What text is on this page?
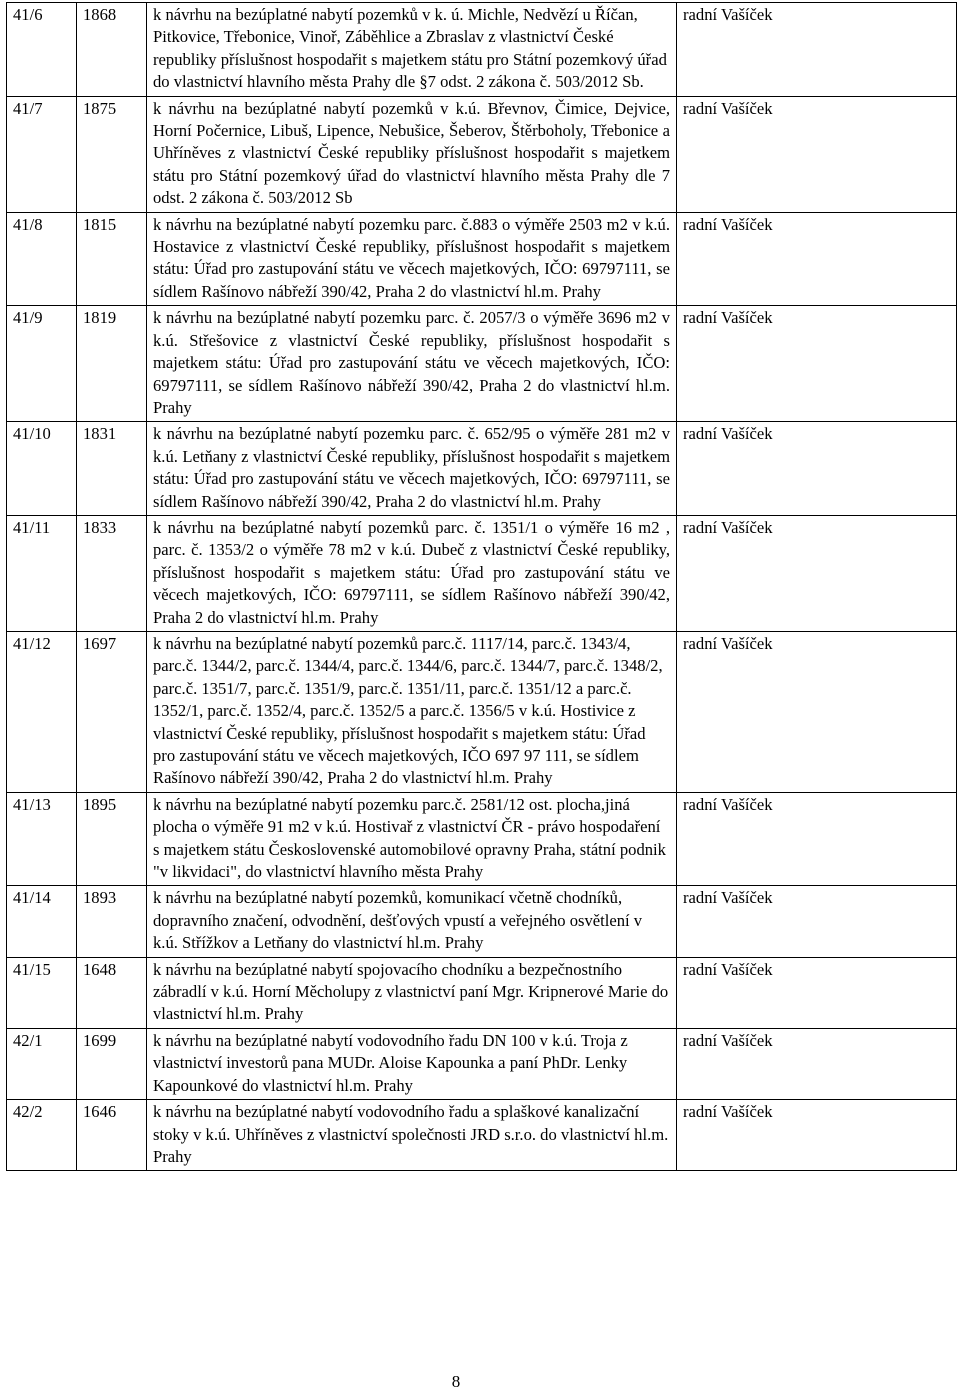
41/6	1868	k návrhu na bezúplatné nabytí pozemků v k. ú. Michle, Nedvězí u Říčan, Pitkovice, Třebonice, Vinoř, Záběhlice a Zbraslav z vlastnictví České republiky příslušnost hospodařit s majetkem státu pro Státní pozemkový úřad do vlastnictví hlavního města Prahy dle §7 odst. 2 zákona č. 503/2012 Sb.	radní Vašíček
41/7	1875	k návrhu na bezúplatné nabytí pozemků v k.ú. Břevnov, Čimice, Dejvice, Horní Počernice, Libuš, Lipence, Nebušice, Šeberov, Štěrboholy, Třebonice a Uhříněves z vlastnictví České republiky příslušnost hospodařit s majetkem státu pro Státní pozemkový úřad do vlastnictví hlavního města Prahy dle 7 odst. 2 zákona č. 503/2012 Sb	radní Vašíček
41/8	1815	k návrhu na bezúplatné nabytí pozemku parc. č.883 o výměře 2503 m2 v k.ú. Hostavice z vlastnictví České republiky, příslušnost hospodařit s majetkem státu: Úřad pro zastupování státu ve věcech majetkových, IČO: 69797111, se sídlem Rašínovo nábřeží 390/42, Praha 2 do vlastnictví hl.m. Prahy	radní Vašíček
41/9	1819	k návrhu na bezúplatné nabytí pozemku parc. č. 2057/3 o výměře 3696 m2 v k.ú. Střešovice z vlastnictví České republiky, příslušnost hospodařit s majetkem státu: Úřad pro zastupování státu ve věcech majetkových, IČO: 69797111, se sídlem Rašínovo nábřeží 390/42, Praha 2 do vlastnictví hl.m. Prahy	radní Vašíček
41/10	1831	k návrhu na bezúplatné nabytí pozemku parc. č. 652/95 o výměře 281 m2 v k.ú. Letňany z vlastnictví České republiky, příslušnost hospodařit s majetkem státu: Úřad pro zastupování státu ve věcech majetkových, IČO: 69797111, se sídlem Rašínovo nábřeží 390/42, Praha 2 do vlastnictví hl.m. Prahy	radní Vašíček
41/11	1833	k návrhu na bezúplatné nabytí pozemků parc. č. 1351/1 o výměře 16 m2 , parc. č. 1353/2 o výměře 78 m2 v k.ú. Dubeč z vlastnictví České republiky, příslušnost hospodařit s majetkem státu: Úřad pro zastupování státu ve věcech majetkových, IČO: 69797111, se sídlem Rašínovo nábřeží 390/42, Praha 2 do vlastnictví hl.m. Prahy	radní Vašíček
41/12	1697	k návrhu na bezúplatné nabytí pozemků parc.č. 1117/14, parc.č. 1343/4, parc.č. 1344/2, parc.č. 1344/4, parc.č. 1344/6, parc.č. 1344/7, parc.č. 1348/2, parc.č. 1351/7, parc.č. 1351/9, parc.č. 1351/11, parc.č. 1351/12 a parc.č. 1352/1, parc.č. 1352/4, parc.č. 1352/5 a parc.č. 1356/5 v k.ú. Hostivice z vlastnictví České republiky, příslušnost hospodařit s majetkem státu: Úřad pro zastupování státu ve věcech majetkových, IČO 697 97 111, se sídlem Rašínovo nábřeží 390/42, Praha 2 do vlastnictví hl.m. Prahy	radní Vašíček
41/13	1895	k návrhu na bezúplatné nabytí pozemku parc.č. 2581/12 ost. plocha,jiná plocha o výměře 91 m2 v k.ú. Hostivař z vlastnictví ČR - právo hospodaření s majetkem státu Československé automobilové opravny Praha, státní podnik "v likvidaci", do vlastnictví hlavního města Prahy	radní Vašíček
41/14	1893	k návrhu na bezúplatné nabytí pozemků, komunikací včetně chodníků, dopravního značení, odvodnění, dešťových vpustí a veřejného osvětlení v k.ú. Střížkov a Letňany do vlastnictví hl.m. Prahy	radní Vašíček
41/15	1648	k návrhu na bezúplatné nabytí spojovacího chodníku a bezpečnostního zábradlí v k.ú. Horní Měcholupy z vlastnictví paní Mgr. Kripnerové Marie do vlastnictví hl.m. Prahy	radní Vašíček
42/1	1699	k návrhu na bezúplatné nabytí vodovodního řadu DN 100 v k.ú. Troja z vlastnictví investorů pana MUDr. Aloise Kapounka a paní PhDr. Lenky Kapounkové do vlastnictví hl.m. Prahy	radní Vašíček
42/2	1646	k návrhu na bezúplatné nabytí vodovodního řadu a splaškové kanalizační stoky v k.ú. Uhříněves z vlastnictví společnosti JRD s.r.o. do vlastnictví hl.m. Prahy	radní Vašíček
8
